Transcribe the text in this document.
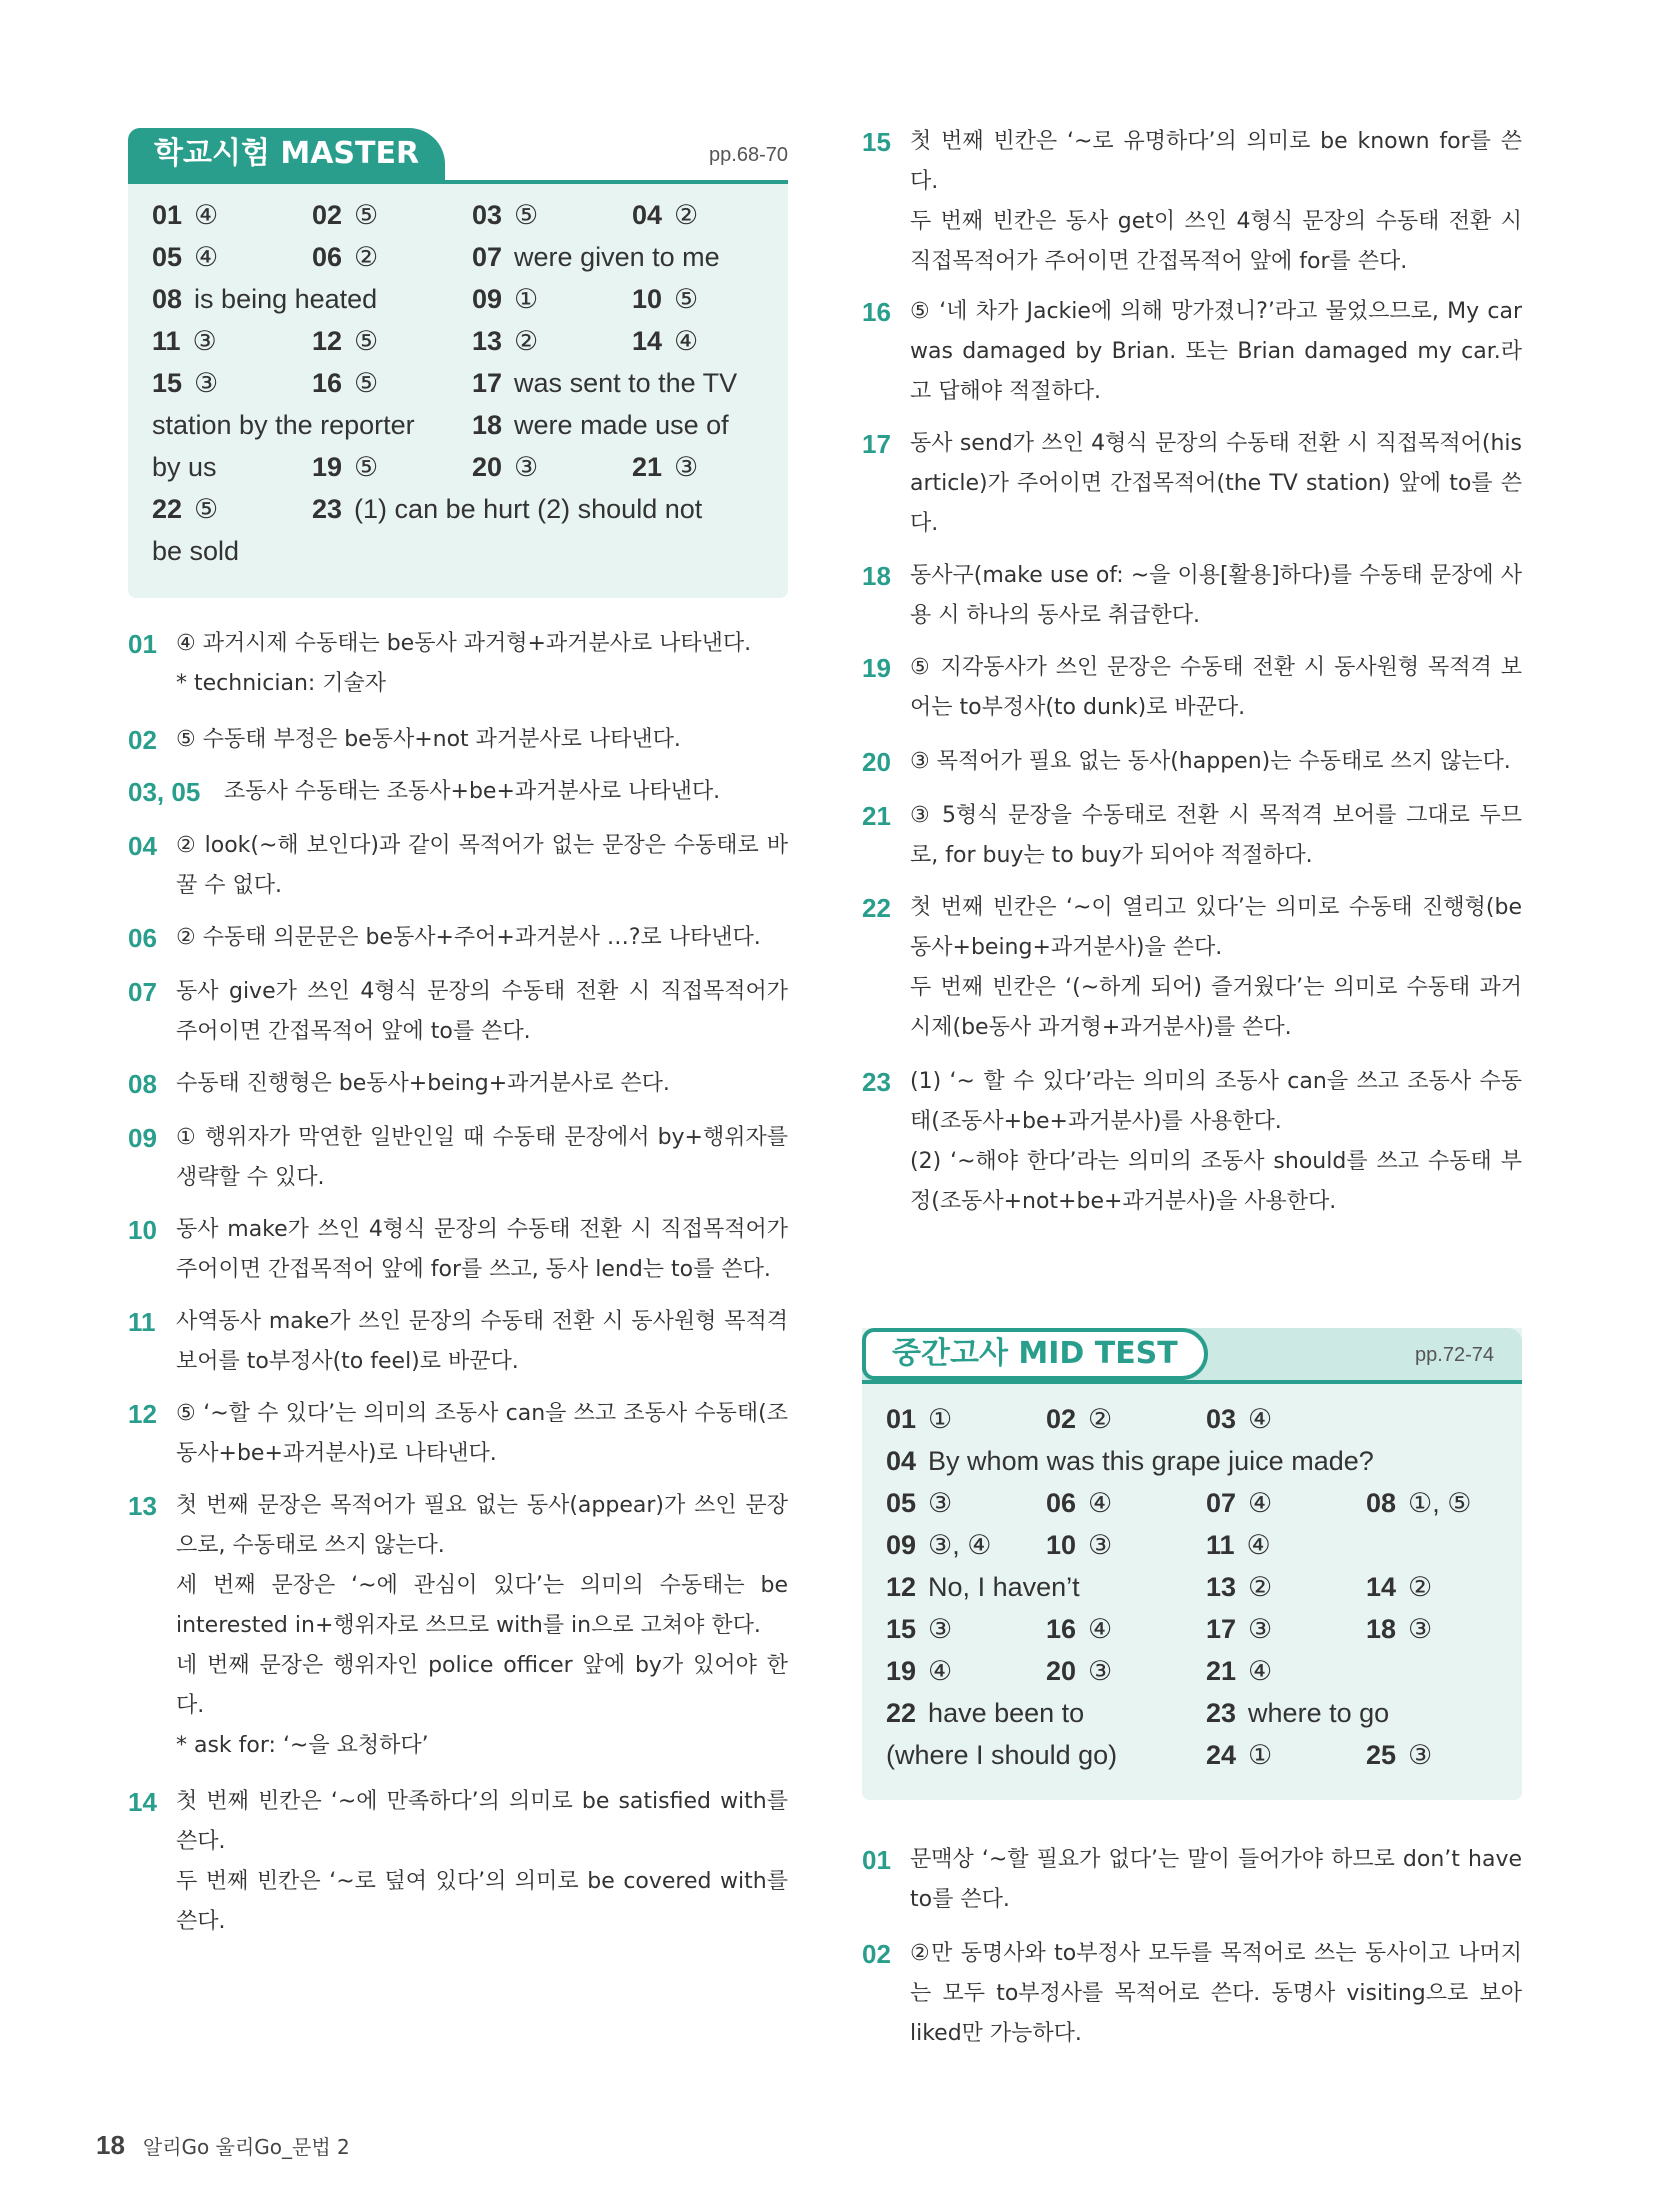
학교시험 MASTER	pp.68-70
01 ④	02 ⑤	03 ⑤	04 ②
05 ④	06 ②	07 were given to me
08 is being heated	09 ①	10 ⑤
11 ③	12 ⑤	13 ②	14 ④
15 ③	16 ⑤	17 was sent to the TV
station by the reporter 18 were made use of
by us	19 ⑤	20 ③	21 ③
22 ⑤	23 (1) can be hurt (2) should not
be sold
01 ④ 과거시제 수동태는 be동사 과거형+과거분사로 나타낸다.

* technician: 기술자

02 ⑤ 수동태 부정은 be동사+not 과거분사로 나타낸다.

03, 05 조동사 수동태는 조동사+be+과거분사로 나타낸다.

04 ② look(~해 보인다)과 같이 목적어가 없는 문장은 수동태로 바꿀 수 없다.

06 ② 수동태 의문문은 be동사+주어+과거분사 …?로 나타낸다.

07 동사 give가 쓰인 4형식 문장의 수동태 전환 시 직접목적어가 주어이면 간접목적어 앞에 to를 쓴다.

08 수동태 진행형은 be동사+being+과거분사로 쓴다.

09 ① 행위자가 막연한 일반인일 때 수동태 문장에서 by+행위자를 생략할 수 있다.

10 동사 make가 쓰인 4형식 문장의 수동태 전환 시 직접목적어가 주어이면 간접목적어 앞에 for를 쓰고, 동사 lend는 to를 쓴다.

11 사역동사 make가 쓰인 문장의 수동태 전환 시 동사원형 목적격 보어를 to부정사(to feel)로 바꾼다.

12 ⑤ ‘~할 수 있다’는 의미의 조동사 can을 쓰고 조동사 수동태(조동사+be+과거분사)로 나타낸다.

13 첫 번째 문장은 목적어가 필요 없는 동사(appear)가 쓰인 문장으로, 수동태로 쓰지 않는다.

세 번째 문장은 ‘~에 관심이 있다’는 의미의 수동태는 be interested in+행위자로 쓰므로 with를 in으로 고쳐야 한다.

네 번째 문장은 행위자인 police officer 앞에 by가 있어야 한다.

* ask for: ‘~을 요청하다’

14 첫 번째 빈칸은 ‘~에 만족하다’의 의미로 be satisfied with를 쓴다.

두 번째 빈칸은 ‘~로 덮여 있다’의 의미로 be covered with를 쓴다.

15 첫 번째 빈칸은 ‘~로 유명하다’의 의미로 be known for를 쓴다.

두 번째 빈칸은 동사 get이 쓰인 4형식 문장의 수동태 전환 시 직접목적어가 주어이면 간접목적어 앞에 for를 쓴다.

16 ⑤ ‘네 차가 Jackie에 의해 망가졌니?’라고 물었으므로, My car was damaged by Brian. 또는 Brian damaged my car.라고 답해야 적절하다.

17 동사 send가 쓰인 4형식 문장의 수동태 전환 시 직접목적어(his article)가 주어이면 간접목적어(the TV station) 앞에 to를 쓴다.

18 동사구(make use of: ~을 이용[활용]하다)를 수동태 문장에 사용 시 하나의 동사로 취급한다.

19 ⑤ 지각동사가 쓰인 문장은 수동태 전환 시 동사원형 목적격 보어는 to부정사(to dunk)로 바꾼다.

20 ③ 목적어가 필요 없는 동사(happen)는 수동태로 쓰지 않는다.

21 ③ 5형식 문장을 수동태로 전환 시 목적격 보어를 그대로 두므로, for buy는 to buy가 되어야 적절하다.

22 첫 번째 빈칸은 ‘~이 열리고 있다’는 의미로 수동태 진행형(be동사+being+과거분사)을 쓴다.

두 번째 빈칸은 ‘(~하게 되어) 즐거웠다’는 의미로 수동태 과거시제(be동사 과거형+과거분사)를 쓴다.

23 (1) ‘~ 할 수 있다’라는 의미의 조동사 can을 쓰고 조동사 수동태(조동사+be+과거분사)를 사용한다.

(2) ‘~해야 한다’라는 의미의 조동사 should를 쓰고 수동태 부정(조동사+not+be+과거분사)을 사용한다.

중간고사 MID TEST	pp.72-74
01 ①	02 ②	03 ④
04 By whom was this grape juice made?
05 ③	06 ④	07 ④	08 ①, ⑤
09 ③, ④ 10 ③	11 ④
12 No, I haven’t	13 ②	14 ②
15 ③	16 ④	17 ③	18 ③
19 ④	20 ③	21 ④
22 have been to	23 where to go
(where I should go)	24 ①	25 ③
01 문맥상 ‘~할 필요가 없다’는 말이 들어가야 하므로 don’t have to를 쓴다.

02 ②만 동명사와 to부정사 모두를 목적어로 쓰는 동사이고 나머지는 모두 to부정사를 목적어로 쓴다. 동명사 visiting으로 보아 liked만 가능하다.

18 알리Go 울리Go_문법 2
